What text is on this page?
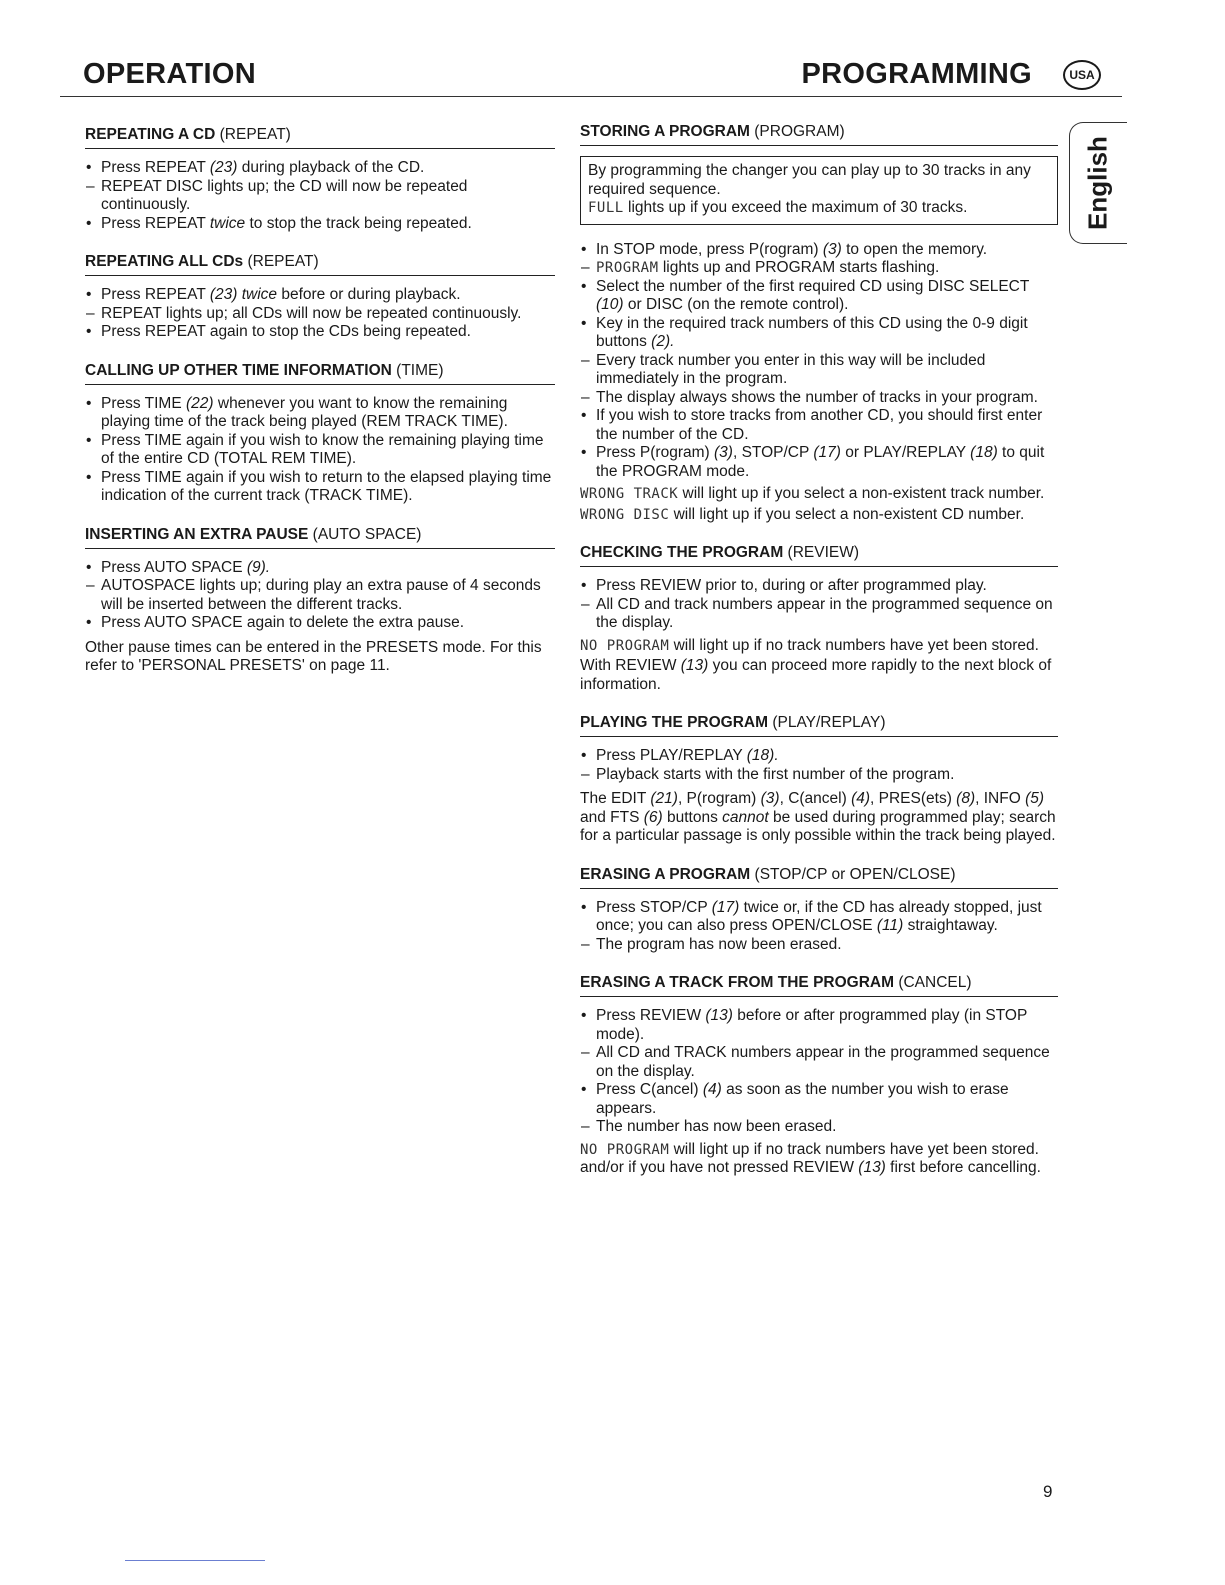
OPERATION	PROGRAMMING	USA
English
REPEATING A CD (REPEAT)
• Press REPEAT (23) during playback of the CD.
– REPEAT DISC lights up; the CD will now be repeated continuously.
• Press REPEAT twice to stop the track being repeated.
REPEATING ALL CDs (REPEAT)
• Press REPEAT (23) twice before or during playback.
– REPEAT lights up; all CDs will now be repeated continuously.
• Press REPEAT again to stop the CDs being repeated.
CALLING UP OTHER TIME INFORMATION (TIME)
• Press TIME (22) whenever you want to know the remaining playing time of the track being played (REM TRACK TIME).
• Press TIME again if you wish to know the remaining playing time of the entire CD (TOTAL REM TIME).
• Press TIME again if you wish to return to the elapsed playing time indication of the current track (TRACK TIME).
INSERTING AN EXTRA PAUSE (AUTO SPACE)
• Press AUTO SPACE (9).
– AUTOSPACE lights up; during play an extra pause of 4 seconds will be inserted between the different tracks.
• Press AUTO SPACE again to delete the extra pause.
Other pause times can be entered in the PRESETS mode. For this refer to 'PERSONAL PRESETS' on page 11.
STORING A PROGRAM (PROGRAM)
By programming the changer you can play up to 30 tracks in any required sequence.
FULL lights up if you exceed the maximum of 30 tracks.
• In STOP mode, press P(rogram) (3) to open the memory.
– PROGRAM lights up and PROGRAM starts flashing.
• Select the number of the first required CD using DISC SELECT (10) or DISC (on the remote control).
• Key in the required track numbers of this CD using the 0-9 digit buttons (2).
– Every track number you enter in this way will be included immediately in the program.
– The display always shows the number of tracks in your program.
• If you wish to store tracks from another CD, you should first enter the number of the CD.
• Press P(rogram) (3), STOP/CP (17) or PLAY/REPLAY (18) to quit the PROGRAM mode.
WRONG TRACK will light up if you select a non-existent track number.
WRONG DISC will light up if you select a non-existent CD number.
CHECKING THE PROGRAM (REVIEW)
• Press REVIEW prior to, during or after programmed play.
– All CD and track numbers appear in the programmed sequence on the display.
NO PROGRAM will light up if no track numbers have yet been stored.
With REVIEW (13) you can proceed more rapidly to the next block of information.
PLAYING THE PROGRAM (PLAY/REPLAY)
• Press PLAY/REPLAY (18).
– Playback starts with the first number of the program.
The EDIT (21), P(rogram) (3), C(ancel) (4), PRES(ets) (8), INFO (5) and FTS (6) buttons cannot be used during programmed play; search for a particular passage is only possible within the track being played.
ERASING A PROGRAM (STOP/CP or OPEN/CLOSE)
• Press STOP/CP (17) twice or, if the CD has already stopped, just once; you can also press OPEN/CLOSE (11) straightaway.
– The program has now been erased.
ERASING A TRACK FROM THE PROGRAM (CANCEL)
• Press REVIEW (13) before or after programmed play (in STOP mode).
– All CD and TRACK numbers appear in the programmed sequence on the display.
• Press C(ancel) (4) as soon as the number you wish to erase appears.
– The number has now been erased.
NO PROGRAM will light up if no track numbers have yet been stored. and/or if you have not pressed REVIEW (13) first before cancelling.
9
